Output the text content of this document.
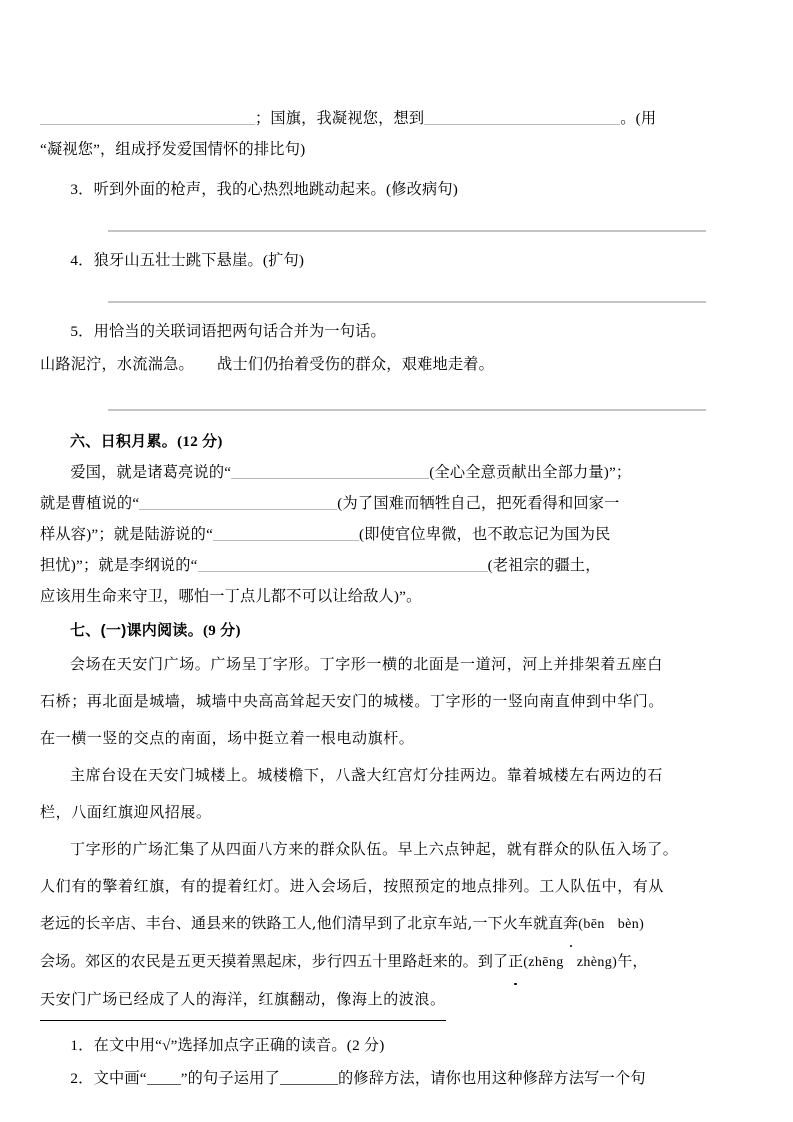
；国旗，我凝视您，想到	。(用
“凝视您”，组成抒发爱国情怀的排比句)
3．听到外面的枪声，我的心热烈地跳动起来。(修改病句)
4．狼牙山五壮士跳下悬崖。(扩句)
5．用恰当的关联词语把两句话合并为一句话。
山路泥泞，水流湍急。　　战士们仍抬着受伤的群众，艰难地走着。
六、日积月累。(12 分)
爱国，就是诸葛亮说的“	(全心全意贡献出全部力量)”；
就是曹植说的“	(为了国难而牺牲自己，把死看得和回家一
样从容)”；就是陆游说的“	(即使官位卑微，也不敢忘记为国为民
担忧)”；就是李纲说的“	(老祖宗的疆土，
应该用生命来守卫，哪怕一丁点儿都不可以让给敌人)”。
七、(一)课内阅读。(9 分)

会场在天安门广场。广场呈丁字形。丁字形一横的北面是一道河，河上并排架着五座白

石桥；再北面是城墙，城墙中央高高耸起天安门的城楼。丁字形的一竖向南直伸到中华门。
在一横一竖的交点的南面，场中挺立着一根电动旗杆。

主席台设在天安门城楼上。城楼檐下，八盏大红宫灯分挂两边。靠着城楼左右两边的石

栏，八面红旗迎风招展。

丁字形的广场汇集了从四面八方来的群众队伍。早上六点钟起，就有群众的队伍入场了。

人们有的擎着红旗，有的提着红灯。进入会场后，按照预定的地点排列。工人队伍中，有从
老远的长辛店、丰台、通县来的铁路工人,他们清早到了北京车站,一下火车就直奔(bēn bèn)
会场。郊区的农民是五更天摸着黑起床，步行四五十里路赶来的。到了正(zhēng zhèng)午，
天安门广场已经成了人的海洋，红旗翻动，像海上的波浪。
1．在文中用“√”选择加点字正确的读音。(2 分)
2．文中画“ ”的句子运用了	的修辞方法，请你也用这种修辞方法写一个句
